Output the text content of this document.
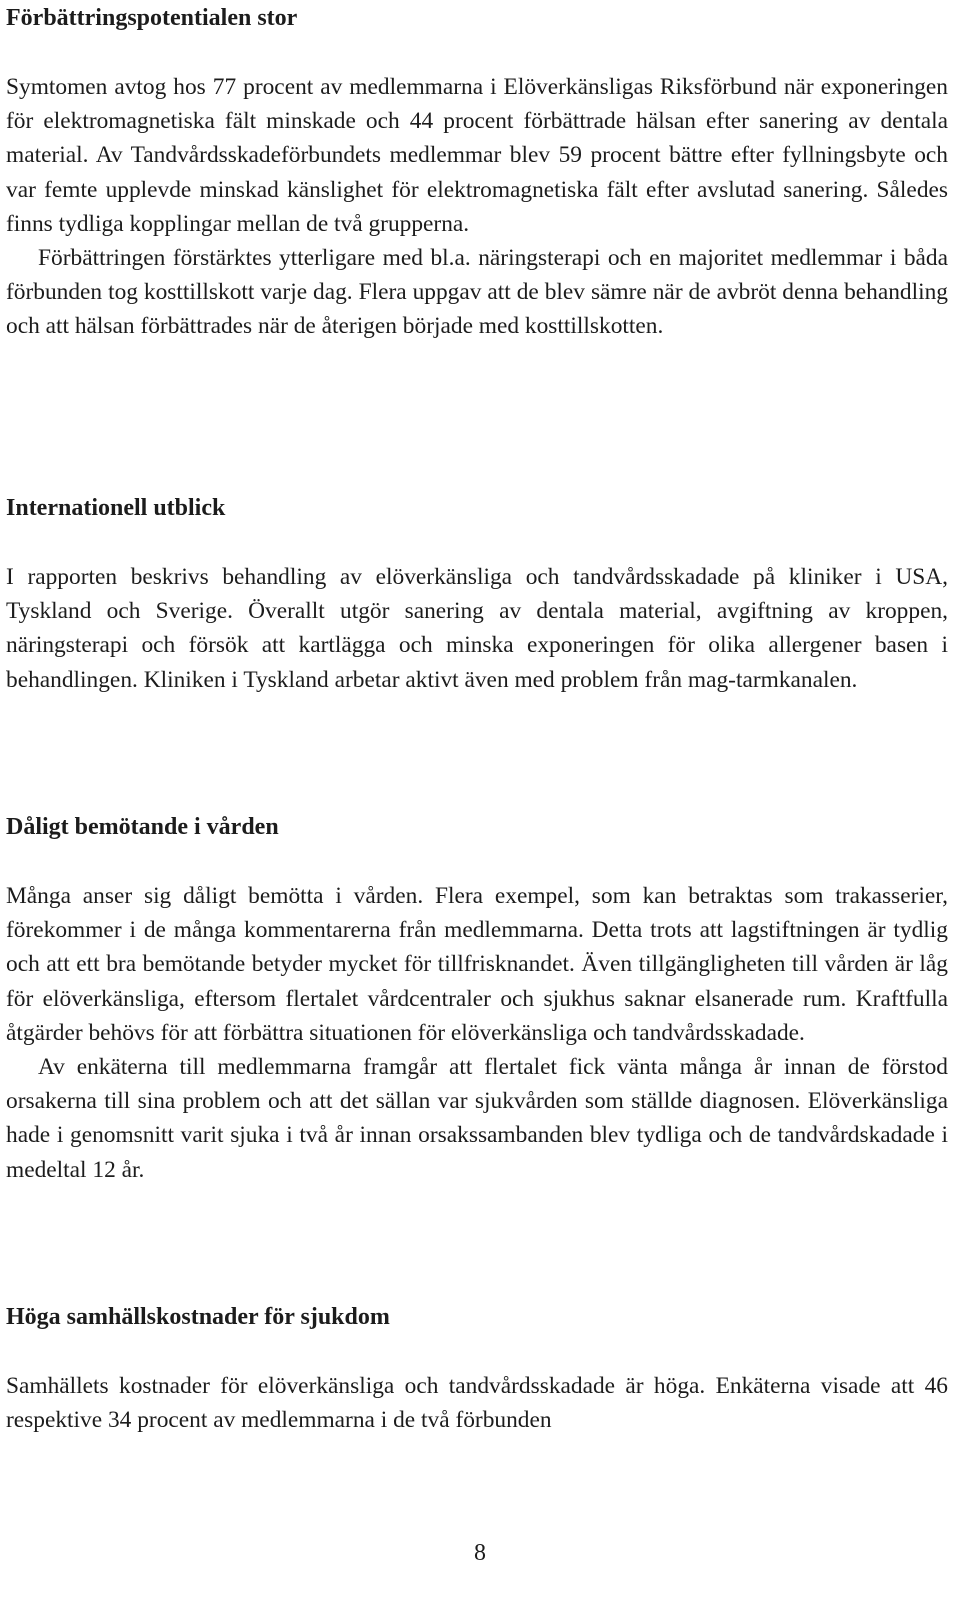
Förbättringspotentialen stor

Symtomen avtog hos 77 procent av medlemmarna i Elöverkänsligas Riksförbund när exponeringen för elektromagnetiska fält minskade och 44 procent förbättrade hälsan efter sanering av dentala material. Av Tandvårdsskadeförbundets medlemmar blev 59 procent bättre efter fyllningsbyte och var femte upplevde minskad känslighet för elektromagnetiska fält efter avslutad sanering. Således finns tydliga kopplingar mellan de två grupperna.

Förbättringen förstärktes ytterligare med bl.a. näringsterapi och en majoritet medlemmar i båda förbunden tog kosttillskott varje dag. Flera uppgav att de blev sämre när de avbröt denna behandling och att hälsan förbättrades när de återigen började med kosttillskotten.

Internationell utblick

I rapporten beskrivs behandling av elöverkänsliga och tandvårdsskadade på kliniker i USA, Tyskland och Sverige. Överallt utgör sanering av dentala material, avgiftning av kroppen, näringsterapi och försök att kartlägga och minska exponeringen för olika allergener basen i behandlingen. Kliniken i Tyskland arbetar aktivt även med problem från mag-tarmkanalen.

Dåligt bemötande i vården

Många anser sig dåligt bemötta i vården. Flera exempel, som kan betraktas som trakasserier, förekommer i de många kommentarerna från medlemmarna. Detta trots att lagstiftningen är tydlig och att ett bra bemötande betyder mycket för tillfrisknandet. Även tillgängligheten till vården är låg för elöverkänsliga, eftersom flertalet vårdcentraler och sjukhus saknar elsanerade rum. Kraftfulla åtgärder behövs för att förbättra situationen för elöverkänsliga och tandvårdsskadade.

Av enkäterna till medlemmarna framgår att flertalet fick vänta många år innan de förstod orsakerna till sina problem och att det sällan var sjukvården som ställde diagnosen. Elöverkänsliga hade i genomsnitt varit sjuka i två år innan orsakssambanden blev tydliga och de tandvårdskadade i medeltal 12 år.

Höga samhällskostnader för sjukdom

Samhällets kostnader för elöverkänsliga och tandvårdsskadade är höga. Enkäterna visade att 46 respektive 34 procent av medlemmarna i de två förbunden

8
